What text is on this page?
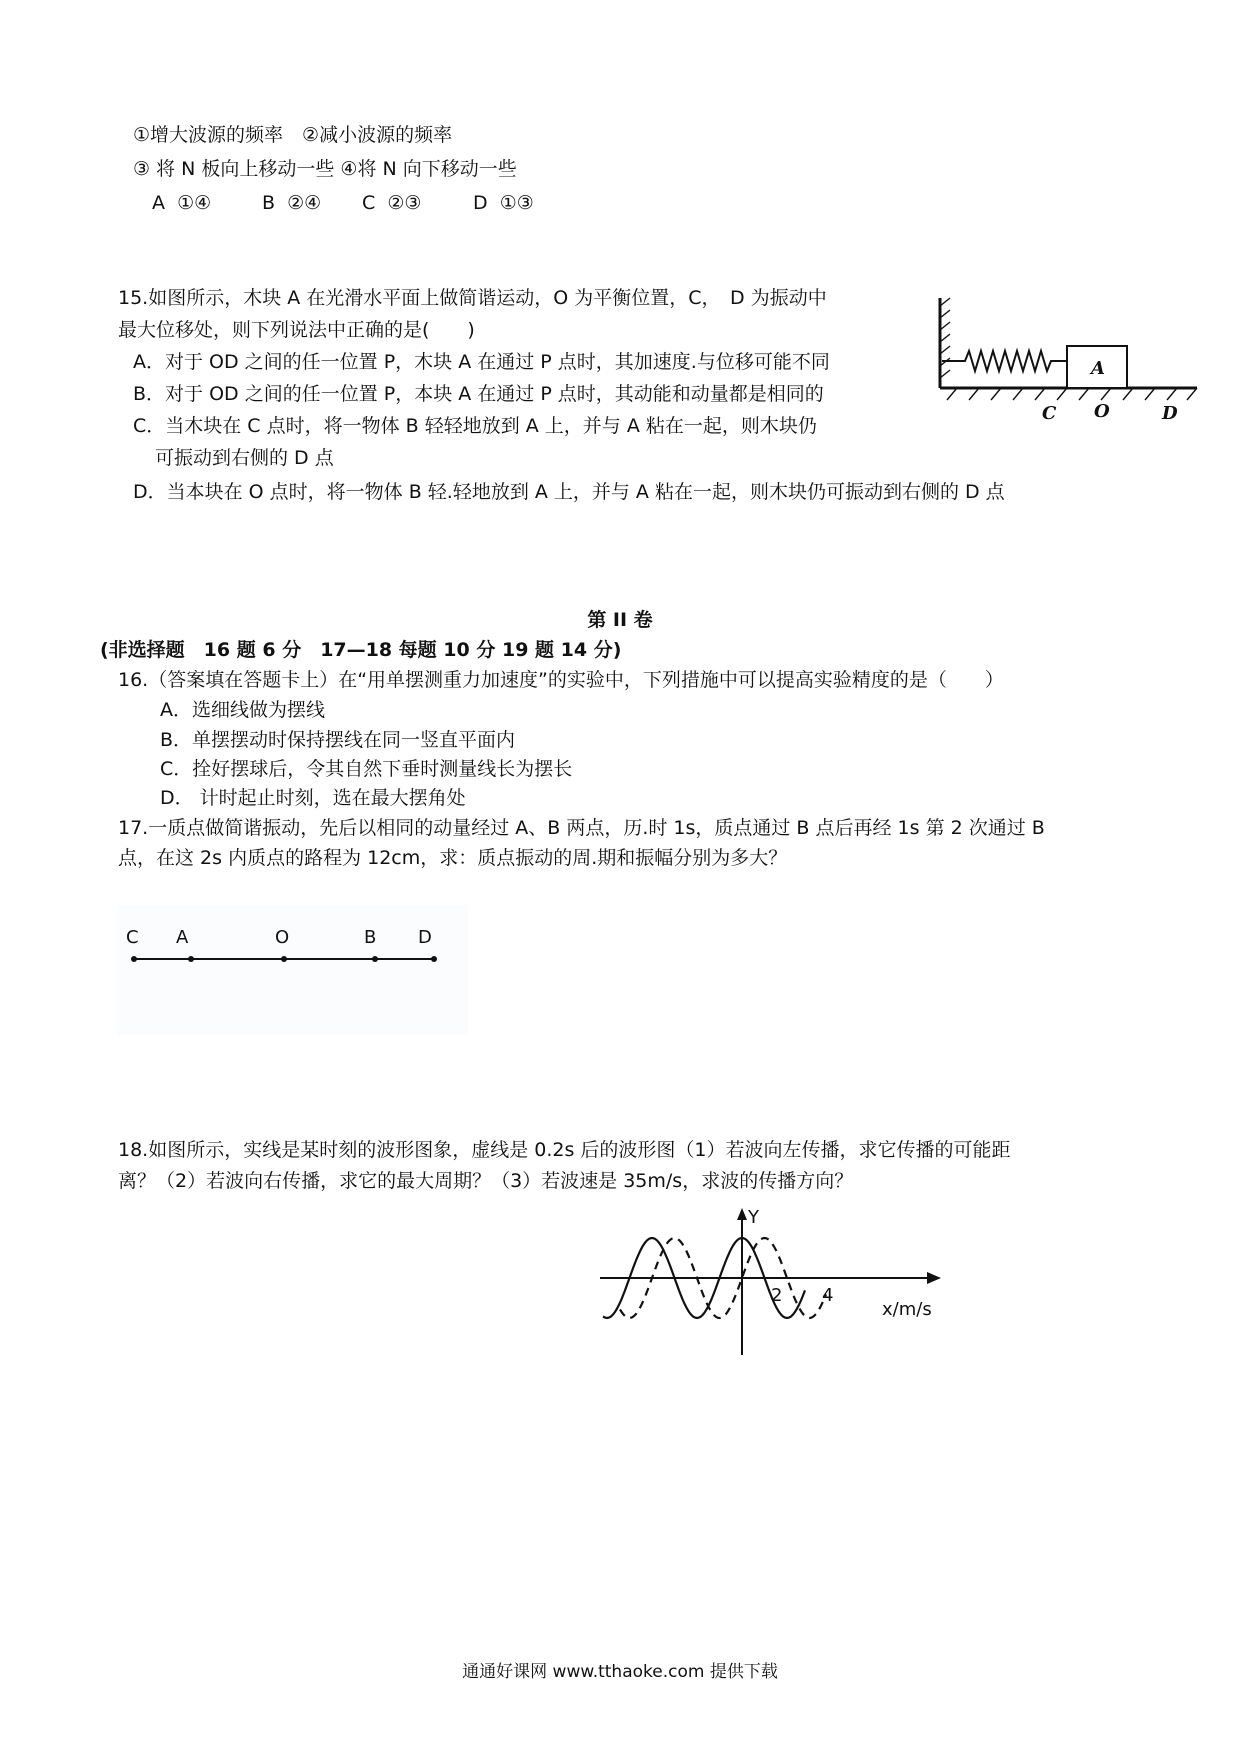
①增大波源的频率　②减小波源的频率
③ 将 N 板向上移动一些 ④将 N 向下移动一些
A ①④	B ②④ C ②③	D ①③
15.如图所示，木块 A 在光滑水平面上做简谐运动，O 为平衡位置，C，　D 为振动中
最大位移处，则下列说法中正确的是(　　)
A．对于 OD 之间的任一位置 P，木块 A 在通过 P 点时，其加速度.与位移可能不同
B．对于 OD 之间的任一位置 P，本块 A 在通过 P 点时，其动能和动量都是相同的
C．当木块在 C 点时，将一物体 B 轻轻地放到 A 上，并与 A 粘在一起，则木块仍
可振动到右侧的 D 点
D．当本块在 O 点时，将一物体 B 轻.轻地放到 A 上，并与 A 粘在一起，则木块仍可振动到右侧的 D 点
A
C O	D
第 II 卷
(非选择题　16 题 6 分　17—18 每题 10 分 19 题 14 分)
16.（答案填在答题卡上）在“用单摆测重力加速度”的实验中，下列措施中可以提高实验精度的是（　　）
A．选细线做为摆线
B．单摆摆动时保持摆线在同一竖直平面内
C．拴好摆球后，令其自然下垂时测量线长为摆长
D． 计时起止时刻，选在最大摆角处
17.一质点做简谐振动，先后以相同的动量经过 A、B 两点，历.时 1s，质点通过 B 点后再经 1s 第 2 次通过 B
点，在这 2s 内质点的路程为 12cm，求：质点振动的周.期和振幅分别为多大？
C A	O	B D
18.如图所示，实线是某时刻的波形图象，虚线是 0.2s 后的波形图（1）若波向左传播，求它传播的可能距
离？（2）若波向右传播，求它的最大周期？（3）若波速是 35m/s，求波的传播方向？
Y
2 4
x/m/s
通通好课网 www.tthaoke.com 提供下载
